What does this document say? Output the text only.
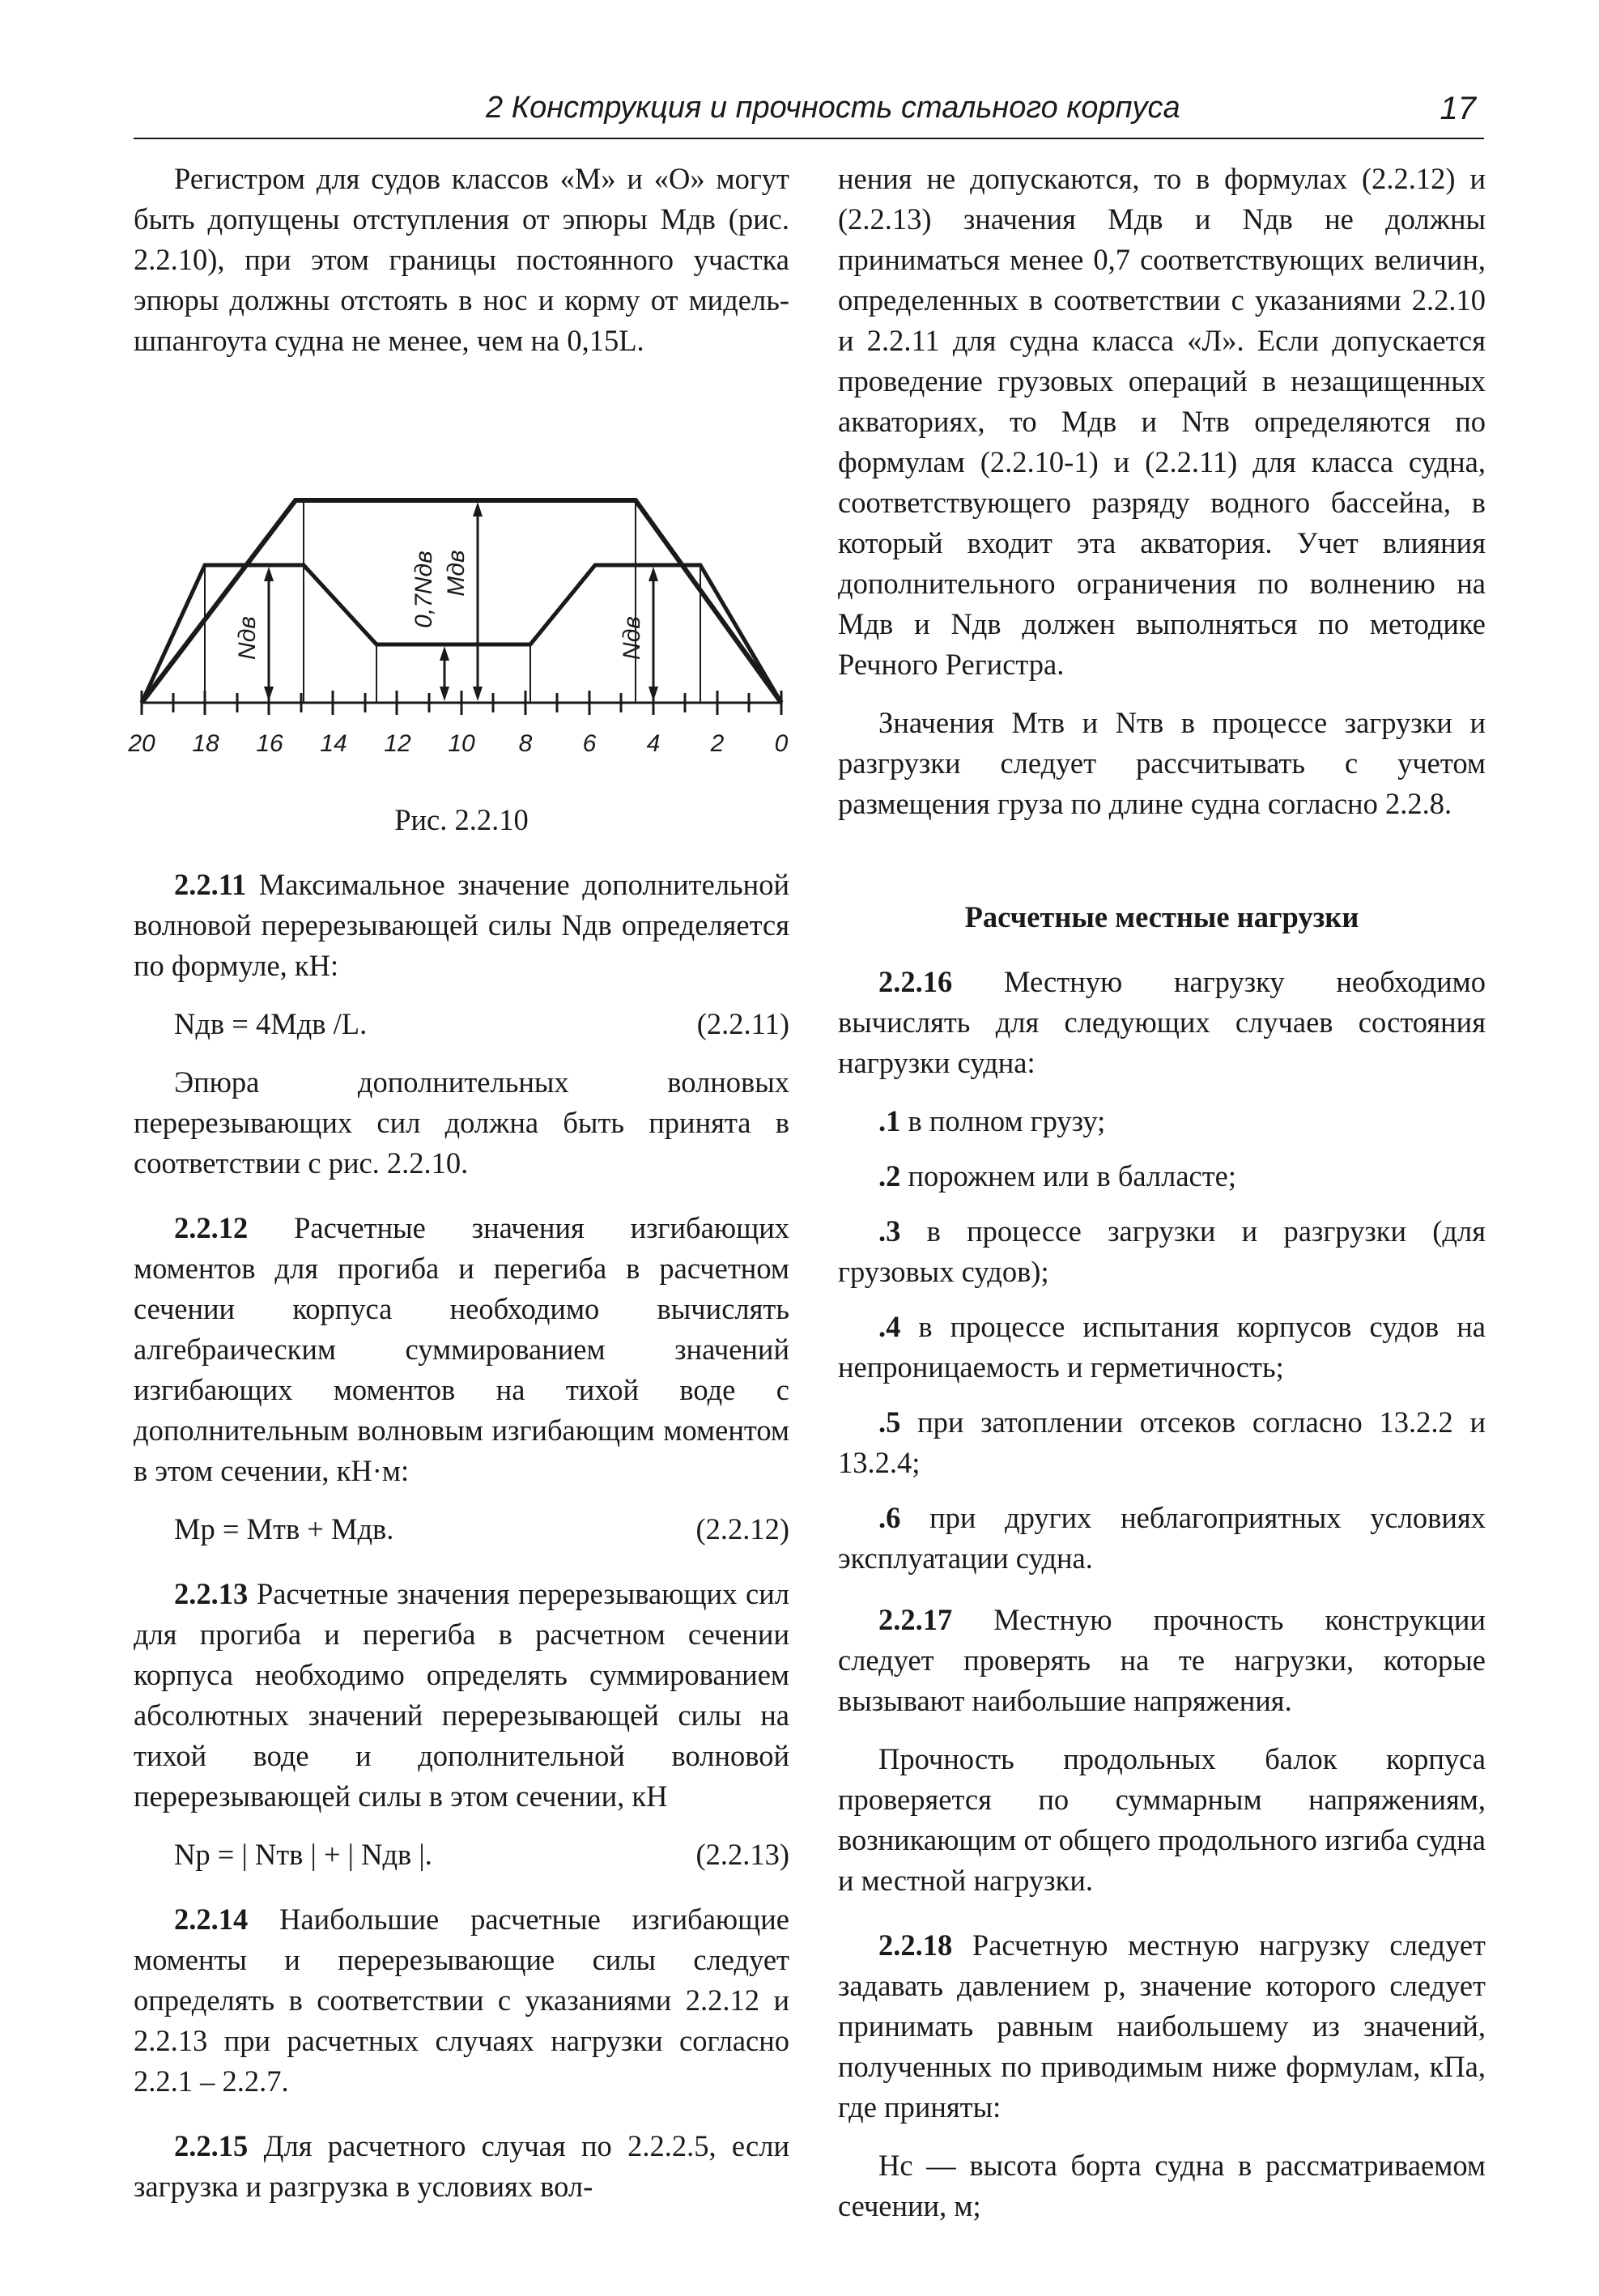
2 Конструкция и прочность стального корпуса	17

Регистром для судов классов «М» и «О» могут быть допущены отступления от эпюры Mдв (рис. 2.2.10), при этом границы постоянного участка эпюры должны отстоять в нос и корму от мидель-шпангоута судна не менее, чем на 0,15L.

Nдв
0,7Nдв Mдв
Nдв
20 18 16 14 12 10 8 6 4 2 0
Рис. 2.2.10

2.2.11 Максимальное значение дополнительной волновой перерезывающей силы Nдв определяется по формуле, кН:

Nдв = 4Mдв /L.	(2.2.11)

Эпюра дополнительных волновых перерезывающих сил должна быть принята в соответствии с рис. 2.2.10.

2.2.12 Расчетные значения изгибающих моментов для прогиба и перегиба в расчетном сечении корпуса необходимо вычислять алгебраическим суммированием значений изгибающих моментов на тихой воде с дополнительным волновым изгибающим моментом в этом сечении, кН·м:

Mр = Mтв + Mдв.	(2.2.12)

2.2.13 Расчетные значения перерезывающих сил для прогиба и перегиба в расчетном сечении корпуса необходимо определять суммированием абсолютных значений перерезывающей силы на тихой воде и дополнительной волновой перерезывающей силы в этом сечении, кН

Nр = | Nтв | + | Nдв |.	(2.2.13)

2.2.14 Наибольшие расчетные изгибающие моменты и перерезывающие силы следует определять в соответствии с указаниями 2.2.12 и 2.2.13 при расчетных случаях нагрузки согласно 2.2.1 – 2.2.7.

2.2.15 Для расчетного случая по 2.2.2.5, если загрузка и разгрузка в условиях вол-

нения не допускаются, то в формулах (2.2.12) и (2.2.13) значения Mдв и Nдв не должны приниматься менее 0,7 соответствующих величин, определенных в соответствии с указаниями 2.2.10 и 2.2.11 для судна класса «Л». Если допускается проведение грузовых операций в незащищенных акваториях, то Mдв и Nтв определяются по формулам (2.2.10-1) и (2.2.11) для класса судна, соответствующего разряду водного бассейна, в который входит эта акватория. Учет влияния дополнительного ограничения по волнению на Mдв и Nдв должен выполняться по методике Речного Регистра.

Значения Mтв и Nтв в процессе загрузки и разгрузки следует рассчитывать с учетом размещения груза по длине судна согласно 2.2.8.

Расчетные местные нагрузки

2.2.16 Местную нагрузку необходимо вычислять для следующих случаев состояния нагрузки судна:

.1 в полном грузу;

.2 порожнем или в балласте;

.3 в процессе загрузки и разгрузки (для грузовых судов);

.4 в процессе испытания корпусов судов на непроницаемость и герметичность;

.5 при затоплении отсеков согласно 13.2.2 и 13.2.4;

.6 при других неблагоприятных условиях эксплуатации судна.

2.2.17 Местную прочность конструкции следует проверять на те нагрузки, которые вызывают наибольшие напряжения.

Прочность продольных балок корпуса проверяется по суммарным напряжениям, возникающим от общего продольного изгиба судна и местной нагрузки.

2.2.18 Расчетную местную нагрузку следует задавать давлением p, значение которого следует принимать равным наибольшему из значений, полученных по приводимым ниже формулам, кПа, где приняты:

Hс — высота борта судна в рассматриваемом сечении, м;
